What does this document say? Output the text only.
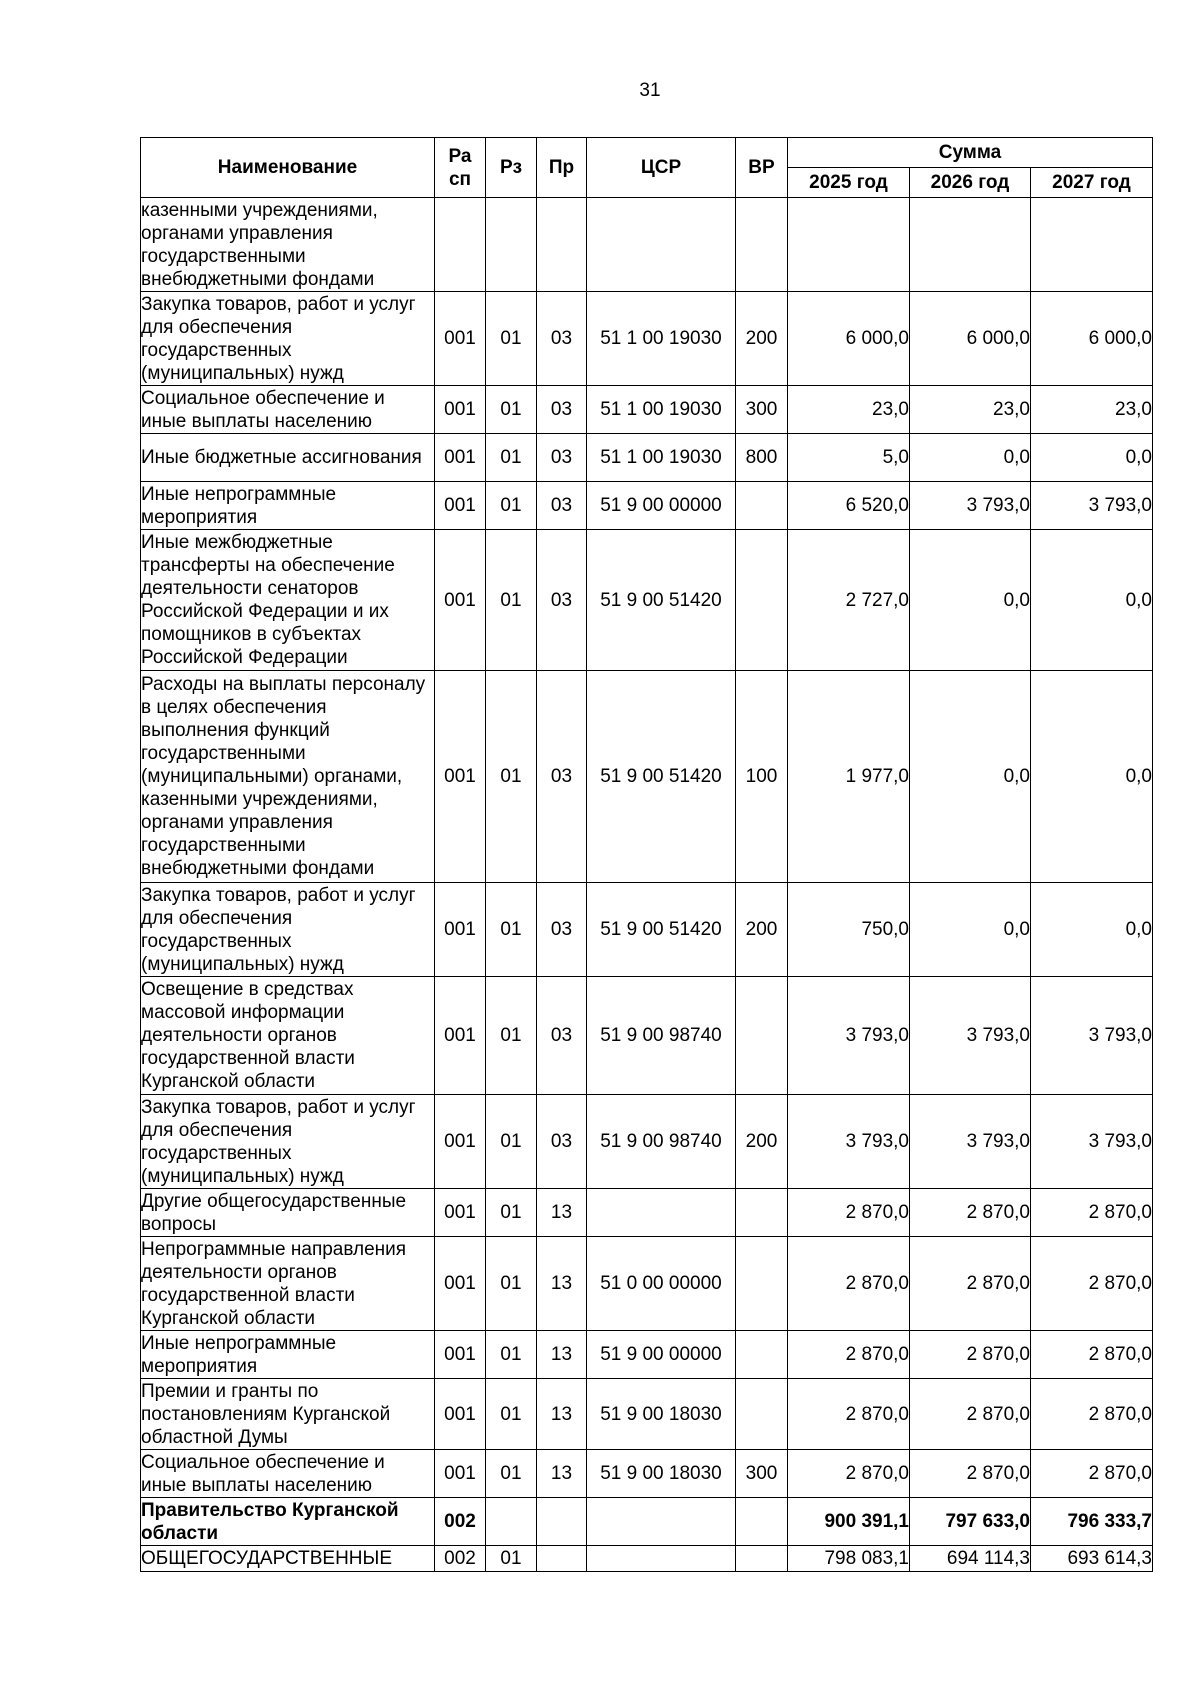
31
Наименование	Ра сп	Рз	Пр	ЦСР	ВР	Сумма		
						2025 год	2026 год	2027 год
казенными учреждениями, органами управления государственными внебюджетными фондами								
Закупка товаров, работ и услуг для обеспечения государственных (муниципальных) нужд	001	01	03	51 1 00 19030	200	6 000,0	6 000,0	6 000,0
Социальное обеспечение и иные выплаты населению	001	01	03	51 1 00 19030	300	23,0	23,0	23,0
Иные бюджетные ассигнования	001	01	03	51 1 00 19030	800	5,0	0,0	0,0
Иные непрограммные мероприятия	001	01	03	51 9 00 00000		6 520,0	3 793,0	3 793,0
Иные межбюджетные трансферты на обеспечение деятельности сенаторов Российской Федерации и их помощников в субъектах Российской Федерации	001	01	03	51 9 00 51420		2 727,0	0,0	0,0
Расходы на выплаты персоналу в целях обеспечения выполнения функций государственными (муниципальными) органами, казенными учреждениями, органами управления государственными внебюджетными фондами	001	01	03	51 9 00 51420	100	1 977,0	0,0	0,0
Закупка товаров, работ и услуг для обеспечения государственных (муниципальных) нужд	001	01	03	51 9 00 51420	200	750,0	0,0	0,0
Освещение в средствах массовой информации деятельности органов государственной власти Курганской области	001	01	03	51 9 00 98740		3 793,0	3 793,0	3 793,0
Закупка товаров, работ и услуг для обеспечения государственных (муниципальных) нужд	001	01	03	51 9 00 98740	200	3 793,0	3 793,0	3 793,0
Другие общегосударственные вопросы	001	01	13			2 870,0	2 870,0	2 870,0
Непрограммные направления деятельности органов государственной власти Курганской области	001	01	13	51 0 00 00000		2 870,0	2 870,0	2 870,0
Иные непрограммные мероприятия	001	01	13	51 9 00 00000		2 870,0	2 870,0	2 870,0
Премии и гранты по постановлениям Курганской областной Думы	001	01	13	51 9 00 18030		2 870,0	2 870,0	2 870,0
Социальное обеспечение и иные выплаты населению	001	01	13	51 9 00 18030	300	2 870,0	2 870,0	2 870,0
Правительство Курганской области	002					900 391,1	797 633,0	796 333,7
ОБЩЕГОСУДАРСТВЕННЫЕ	002	01				798 083,1	694 114,3	693 614,3
